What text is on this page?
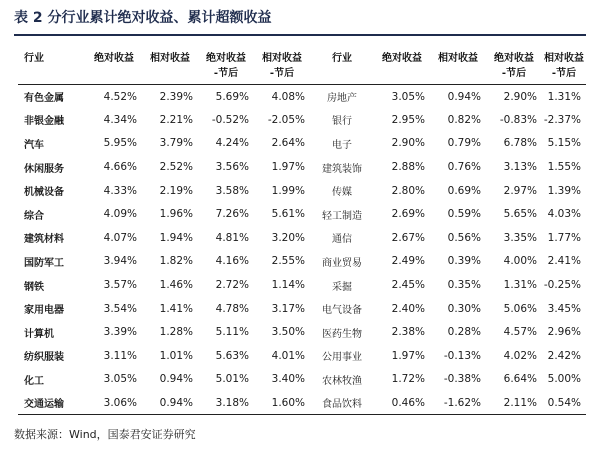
表 2 分行业累计绝对收益、累计超额收益
行业	绝对收益	相对收益	绝对收益	相对收益	行业	绝对收益	相对收益	绝对收益	相对收益
			-节后	-节后				-节后	-节后
有色金属	4.52%	2.39%	5.69%	4.08%	房地产	3.05%	0.94%	2.90%	1.31%
非银金融	4.34%	2.21%	-0.52%	-2.05%	银行	2.95%	0.82%	-0.83%	-2.37%
汽车	5.95%	3.79%	4.24%	2.64%	电子	2.90%	0.79%	6.78%	5.15%
休闲服务	4.66%	2.52%	3.56%	1.97%	建筑装饰	2.88%	0.76%	3.13%	1.55%
机械设备	4.33%	2.19%	3.58%	1.99%	传媒	2.80%	0.69%	2.97%	1.39%
综合	4.09%	1.96%	7.26%	5.61%	轻工制造	2.69%	0.59%	5.65%	4.03%
建筑材料	4.07%	1.94%	4.81%	3.20%	通信	2.67%	0.56%	3.35%	1.77%
国防军工	3.94%	1.82%	4.16%	2.55%	商业贸易	2.49%	0.39%	4.00%	2.41%
钢铁	3.57%	1.46%	2.72%	1.14%	采掘	2.45%	0.35%	1.31%	-0.25%
家用电器	3.54%	1.41%	4.78%	3.17%	电气设备	2.40%	0.30%	5.06%	3.45%
计算机	3.39%	1.28%	5.11%	3.50%	医药生物	2.38%	0.28%	4.57%	2.96%
纺织服装	3.11%	1.01%	5.63%	4.01%	公用事业	1.97%	-0.13%	4.02%	2.42%
化工	3.05%	0.94%	5.01%	3.40%	农林牧渔	1.72%	-0.38%	6.64%	5.00%
交通运输	3.06%	0.94%	3.18%	1.60%	食品饮料	0.46%	-1.62%	2.11%	0.54%
数据来源：Wind，国泰君安证券研究
